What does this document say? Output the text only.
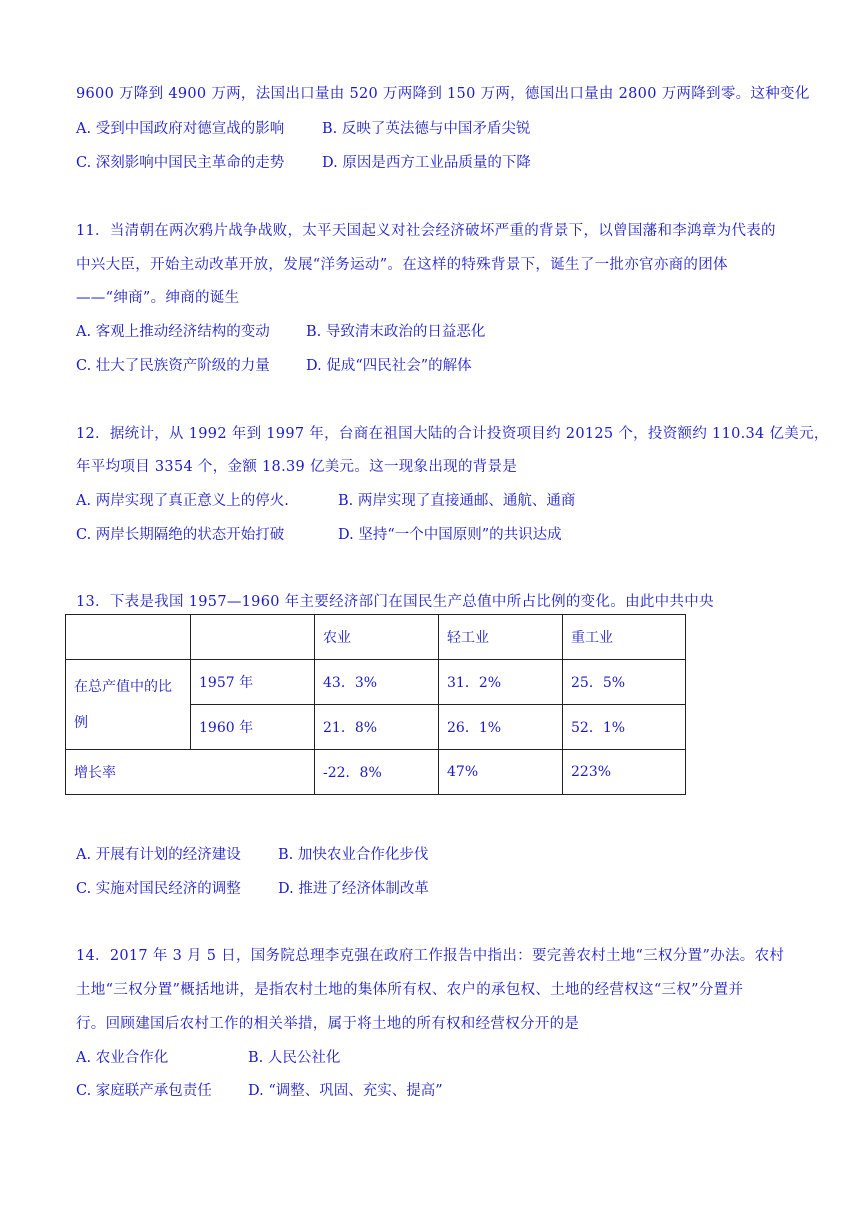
9600 万降到 4900 万两，法国出口量由 520 万两降到 150 万两，德国出口量由 2800 万两降到零。这种变化
A. 受到中国政府对德宣战的影响	B. 反映了英法德与中国矛盾尖锐
C. 深刻影响中国民主革命的走势	D. 原因是西方工业品质量的下降
11．当清朝在两次鸦片战争战败，太平天国起义对社会经济破坏严重的背景下，以曾国藩和李鸿章为代表的
中兴大臣，开始主动改革开放，发展“洋务运动”。在这样的特殊背景下，诞生了一批亦官亦商的团体
——“绅商”。绅商的诞生
A. 客观上推动经济结构的变动	B. 导致清末政治的日益恶化
C. 壮大了民族资产阶级的力量 D. 促成“四民社会”的解体
12．据统计，从 1992 年到 1997 年，台商在祖国大陆的合计投资项目约 20125 个，投资额约 110.34 亿美元，
年平均项目 3354 个，金额 18.39 亿美元。这一现象出现的背景是
A. 两岸实现了真正意义上的停火.	B. 两岸实现了直接通邮、通航、通商
C. 两岸长期隔绝的状态开始打破	D. 坚持“一个中国原则”的共识达成
13．下表是我国 1957—1960 年主要经济部门在国民生产总值中所占比例的变化。由此中共中央
		农业	轻工业	重工业
在总产值中的比例	1957 年	43．3%	31．2%	25．5%
	1960 年	21．8%	26．1%	52．1%
增长率		-22．8%	47%	223%
A. 开展有计划的经济建设	B. 加快农业合作化步伐
C. 实施对国民经济的调整	D. 推进了经济体制改革
14．2017 年 3 月 5 日，国务院总理李克强在政府工作报告中指出：要完善农村土地“三权分置”办法。农村
土地“三权分置”概括地讲，是指农村土地的集体所有权、农户的承包权、土地的经营权这“三权”分置并
行。回顾建国后农村工作的相关举措，属于将土地的所有权和经营权分开的是
A. 农业合作化	B. 人民公社化
C. 家庭联产承包责任 D. “调整、巩固、充实、提高”
